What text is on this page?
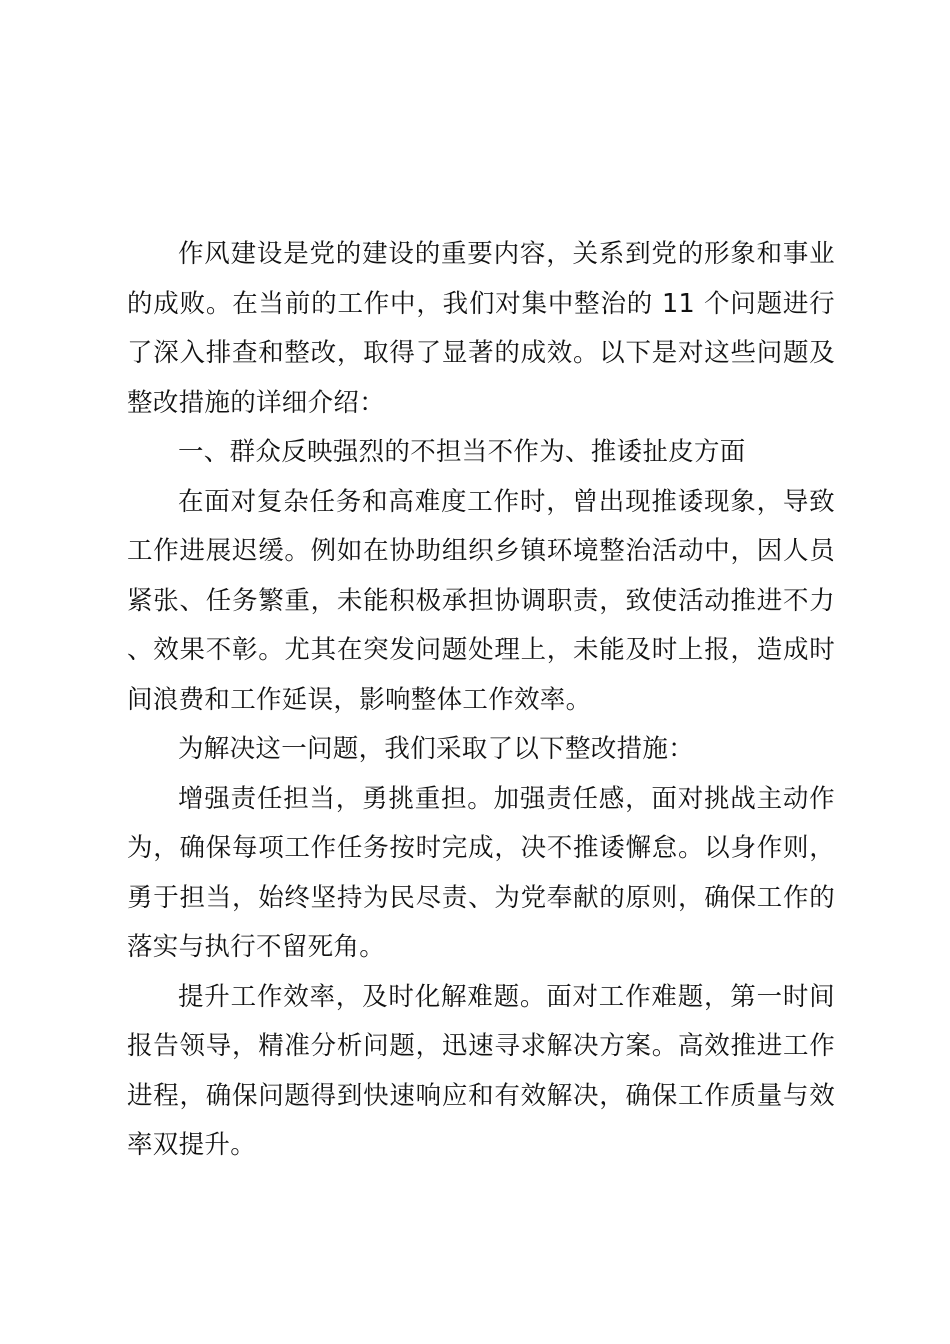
作风建设是党的建设的重要内容，关系到党的形象和事业的成败。在当前的工作中，我们对集中整治的 11 个问题进行了深入排查和整改，取得了显著的成效。以下是对这些问题及整改措施的详细介绍：

一、群众反映强烈的不担当不作为、推诿扯皮方面

在面对复杂任务和高难度工作时，曾出现推诿现象，导致工作进展迟缓。例如在协助组织乡镇环境整治活动中，因人员紧张、任务繁重，未能积极承担协调职责，致使活动推进不力、效果不彰。尤其在突发问题处理上，未能及时上报，造成时间浪费和工作延误，影响整体工作效率。

为解决这一问题，我们采取了以下整改措施：

增强责任担当，勇挑重担。加强责任感，面对挑战主动作为，确保每项工作任务按时完成，决不推诿懈怠。以身作则，勇于担当，始终坚持为民尽责、为党奉献的原则，确保工作的落实与执行不留死角。

提升工作效率，及时化解难题。面对工作难题，第一时间报告领导，精准分析问题，迅速寻求解决方案。高效推进工作进程，确保问题得到快速响应和有效解决，确保工作质量与效率双提升。
